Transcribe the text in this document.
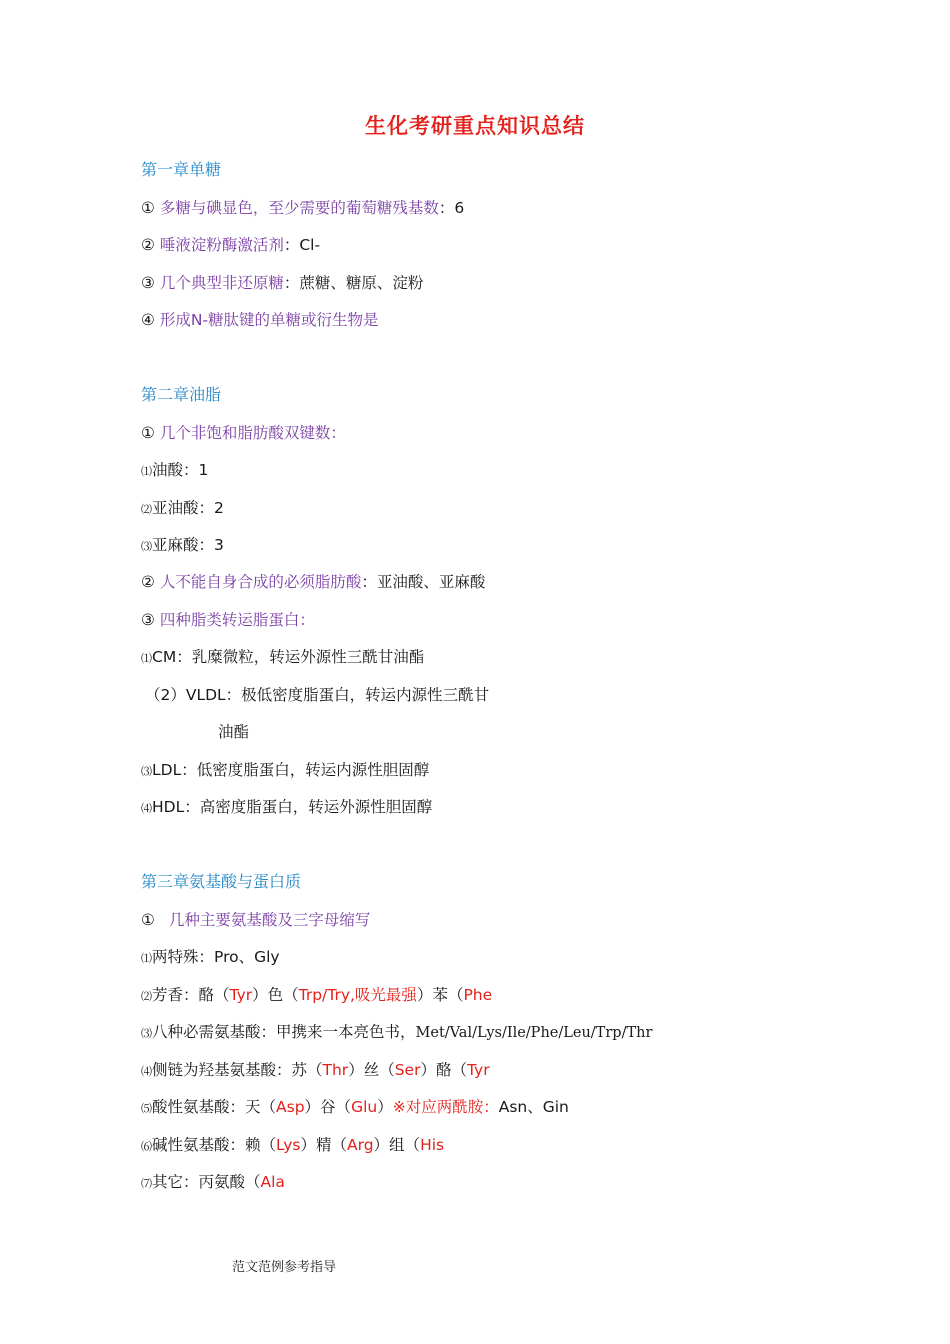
生化考研重点知识总结
第一章单糖
① 多糖与碘显色，至少需要的葡萄糖残基数：6
② 唾液淀粉酶激活剂：Cl-
③ 几个典型非还原糖：蔗糖、糖原、淀粉
④ 形成N-糖肽键的单糖或衍生物是
第二章油脂
① 几个非饱和脂肪酸双键数：
⑴油酸：1
⑵亚油酸：2
⑶亚麻酸：3
② 人不能自身合成的必须脂肪酸：亚油酸、亚麻酸
③ 四种脂类转运脂蛋白：
⑴CM：乳糜微粒，转运外源性三酰甘油酯
（2）VLDL：极低密度脂蛋白，转运内源性三酰甘
油酯
⑶LDL：低密度脂蛋白，转运内源性胆固醇
⑷HDL：高密度脂蛋白，转运外源性胆固醇
第三章氨基酸与蛋白质
① 几种主要氨基酸及三字母缩写
⑴两特殊：Pro、Gly
⑵芳香：酪（Tyr）色（Trp/Try,吸光最强）苯（Phe
⑶八种必需氨基酸：甲携来一本亮色书，Met/Val/Lys/Ile/Phe/Leu/Trp/Thr
⑷侧链为羟基氨基酸：苏（Thr）丝（Ser）酪（Tyr
⑸酸性氨基酸：天（Asp）谷（Glu）※对应两酰胺：Asn、Gin
⑹碱性氨基酸：赖（Lys）精（Arg）组（His
⑺其它：丙氨酸（Ala
范文范例参考指导
